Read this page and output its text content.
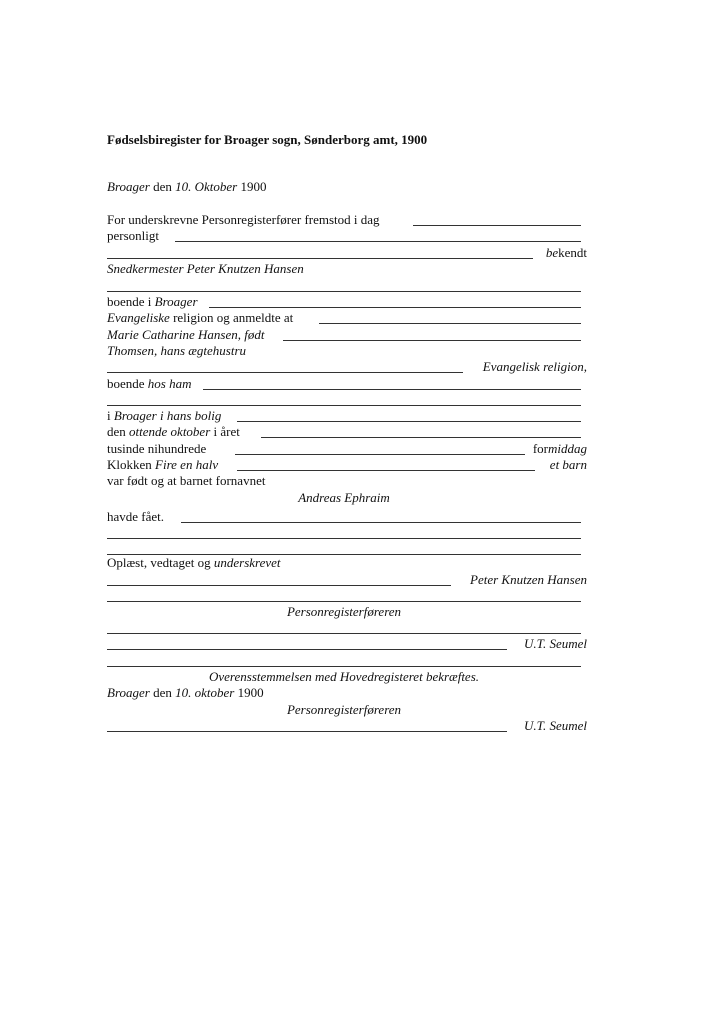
Fødselsbiregister for Broager sogn, Sønderborg amt, 1900
Broager den 10. Oktober 1900
For underskrevne Personregisterfører fremstod i dag
personligt
bekendt
Snedkermester Peter Knutzen Hansen
boende i Broager
Evangeliske religion og anmeldte at
Marie Catharine Hansen, født
Thomsen, hans ægtehustru
Evangelisk religion,
boende hos ham
i Broager i hans bolig
den ottende oktober i året
tusinde nihundrede	formiddag
Klokken Fire en halv	et barn
var født og at barnet fornavnet
Andreas Ephraim
havde fået.
Oplæst, vedtaget og underskrevet
Peter Knutzen Hansen
Personregisterføreren
U.T. Seumel
Overensstemmelsen med Hovedregisteret bekræftes.
Broager den 10. oktober 1900
Personregisterføreren
U.T. Seumel
